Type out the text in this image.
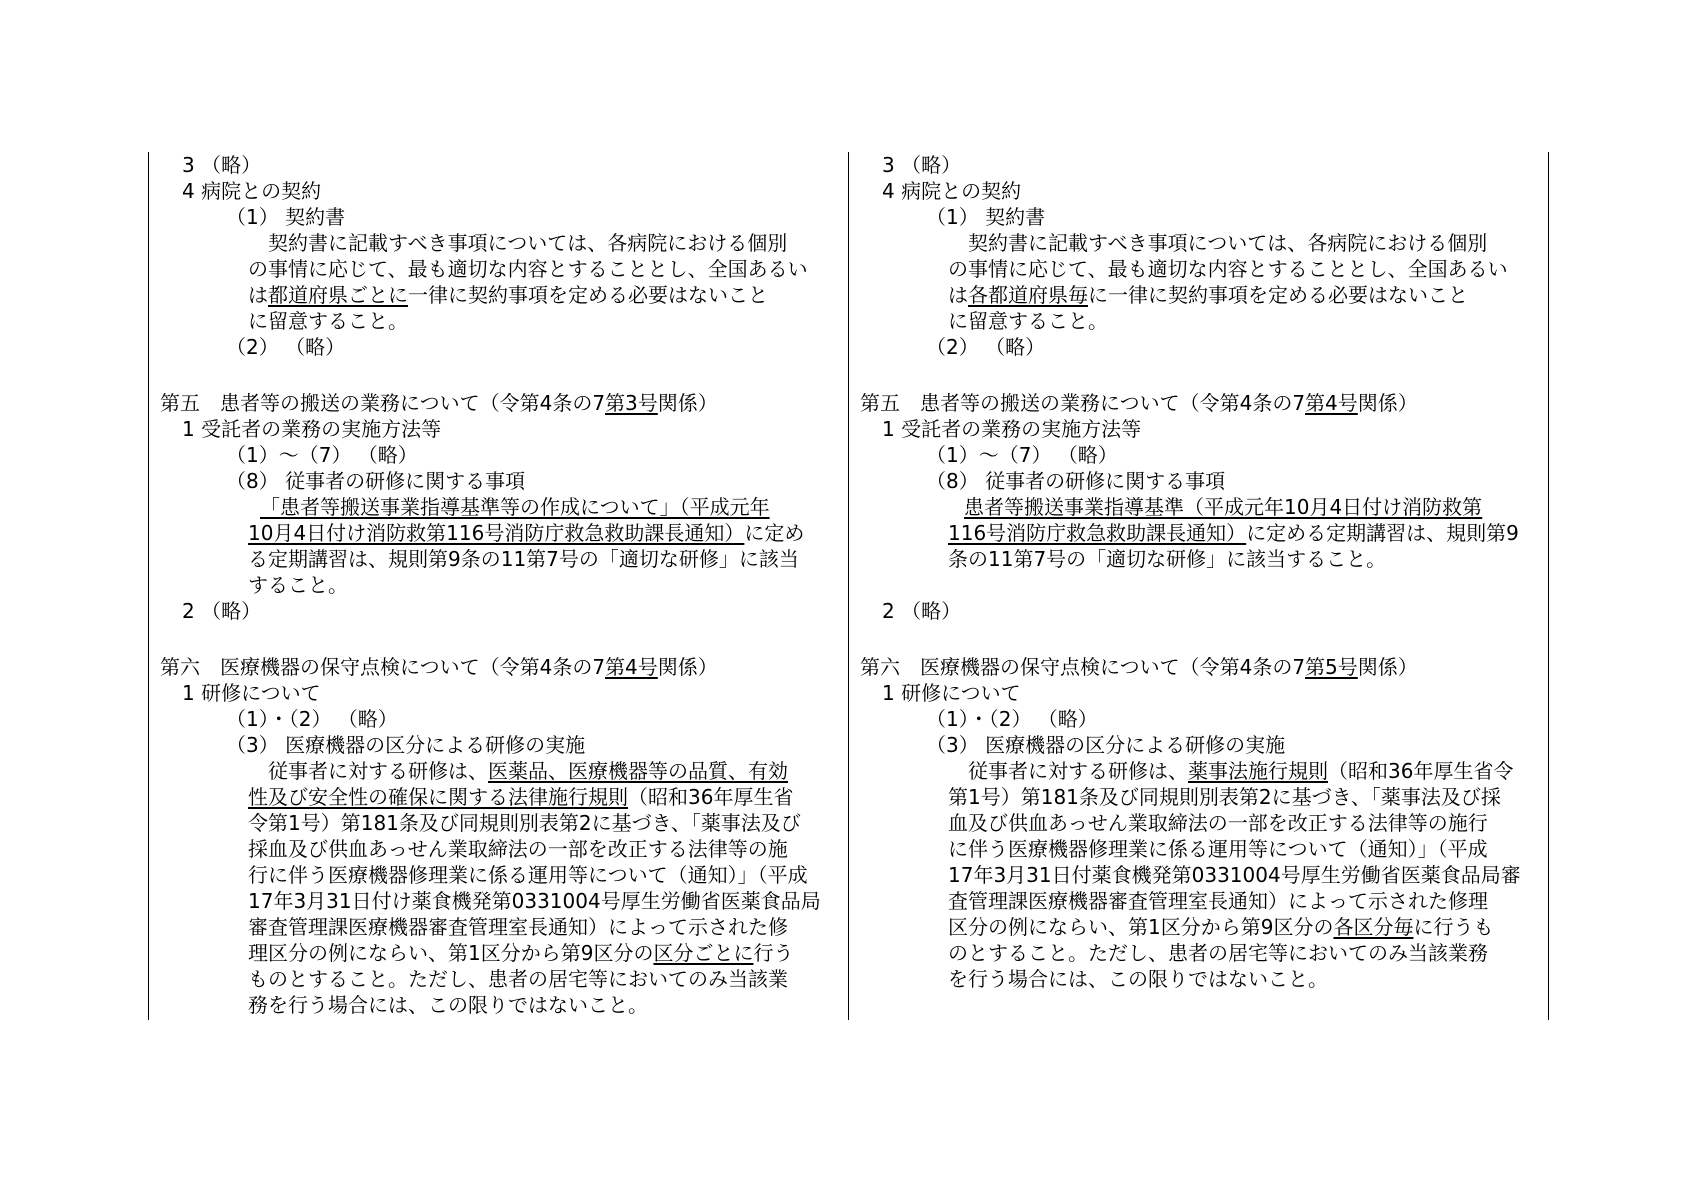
3 （略）
4 病院との契約
（1） 契約書
契約書に記載すべき事項については、各病院における個別
の事情に応じて、最も適切な内容とすることとし、全国あるい
は都道府県ごとに一律に契約事項を定める必要はないこと
に留意すること。
（2） （略）
第五　患者等の搬送の業務について（令第4条の7第3号関係）
1 受託者の業務の実施方法等
（1）〜（7） （略）
（8） 従事者の研修に関する事項
「患者等搬送事業指導基準等の作成について」（平成元年
10月4日付け消防救第116号消防庁救急救助課長通知）に定め
る定期講習は、規則第9条の11第7号の「適切な研修」に該当
すること。
2 （略）
第六　医療機器の保守点検について（令第4条の7第4号関係）
1 研修について
（1）・（2） （略）
（3） 医療機器の区分による研修の実施
従事者に対する研修は、医薬品、医療機器等の品質、有効
性及び安全性の確保に関する法律施行規則（昭和36年厚生省
令第1号）第181条及び同規則別表第2に基づき、「薬事法及び
採血及び供血あっせん業取締法の一部を改正する法律等の施
行に伴う医療機器修理業に係る運用等について（通知）」（平成
17年3月31日付け薬食機発第0331004号厚生労働省医薬食品局
審査管理課医療機器審査管理室長通知）によって示された修
理区分の例にならい、第1区分から第9区分の区分ごとに行う
ものとすること。ただし、患者の居宅等においてのみ当該業
務を行う場合には、この限りではないこと。
3 （略）
4 病院との契約
（1） 契約書
契約書に記載すべき事項については、各病院における個別
の事情に応じて、最も適切な内容とすることとし、全国あるい
は各都道府県毎に一律に契約事項を定める必要はないこと
に留意すること。
（2） （略）
第五　患者等の搬送の業務について（令第4条の7第4号関係）
1 受託者の業務の実施方法等
（1）〜（7） （略）
（8） 従事者の研修に関する事項
患者等搬送事業指導基準（平成元年10月4日付け消防救第
116号消防庁救急救助課長通知）に定める定期講習は、規則第9
条の11第7号の「適切な研修」に該当すること。
2 （略）
第六　医療機器の保守点検について（令第4条の7第5号関係）
1 研修について
（1）・（2） （略）
（3） 医療機器の区分による研修の実施
従事者に対する研修は、薬事法施行規則（昭和36年厚生省令
第1号）第181条及び同規則別表第2に基づき、「薬事法及び採
血及び供血あっせん業取締法の一部を改正する法律等の施行
に伴う医療機器修理業に係る運用等について（通知）」（平成
17年3月31日付薬食機発第0331004号厚生労働省医薬食品局審
査管理課医療機器審査管理室長通知）によって示された修理
区分の例にならい、第1区分から第9区分の各区分毎に行うも
のとすること。ただし、患者の居宅等においてのみ当該業務
を行う場合には、この限りではないこと。
